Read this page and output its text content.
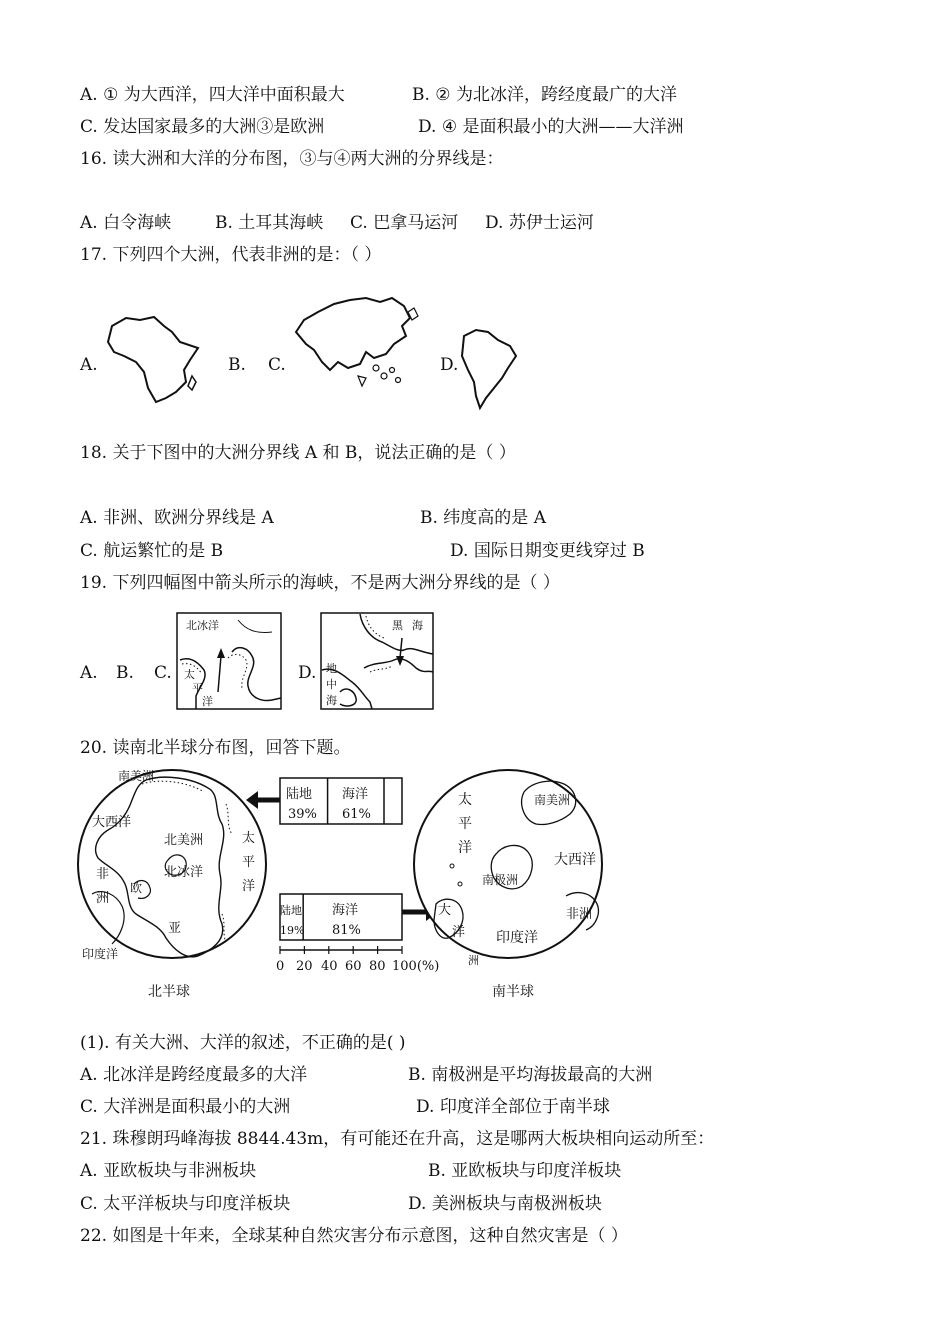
A. ① 为大西洋，四大洋中面积最大	B. ② 为北冰洋，跨经度最广的大洋
C. 发达国家最多的大洲③是欧洲	D. ④ 是面积最小的大洲——大洋洲
16. 读大洲和大洋的分布图，③与④两大洲的分界线是：
A. 白令海峡	B. 土耳其海峡 C. 巴拿马运河 D. 苏伊士运河
17. 下列四个大洲，代表非洲的是：（ ）
A.	B. C.	D.
18. 关于下图中的大洲分界线 A 和 B，说法正确的是（ ）
A. 非洲、欧洲分界线是 A	B. 纬度高的是 A
C. 航运繁忙的是 B	D. 国际日期变更线穿过 B
19. 下列四幅图中箭头所示的海峡，不是两大洲分界线的是（ ）
A. B. C.	D.
北冰洋
太
平
洋
黑 海
地
中
海
20. 读南北半球分布图，回答下题。
南美洲
大西洋
北美洲
北冰洋
非
洲
欧
亚
太
平
洋
印度洋
北半球
陆地
39%
海洋
61%
陆地
19%
海洋
81%
0 20 40 60 80 100(%)
太
平
洋
南美洲
南极洲
大西洋
非洲
大
洋 印度洋
洲
南半球
(1). 有关大洲、大洋的叙述，不正确的是( )
A. 北冰洋是跨经度最多的大洋	B. 南极洲是平均海拔最高的大洲
C. 大洋洲是面积最小的大洲	D. 印度洋全部位于南半球
21. 珠穆朗玛峰海拔 8844.43m，有可能还在升高，这是哪两大板块相向运动所至：
A. 亚欧板块与非洲板块	B. 亚欧板块与印度洋板块
C. 太平洋板块与印度洋板块	D. 美洲板块与南极洲板块
22. 如图是十年来，全球某种自然灾害分布示意图，这种自然灾害是（ ）
